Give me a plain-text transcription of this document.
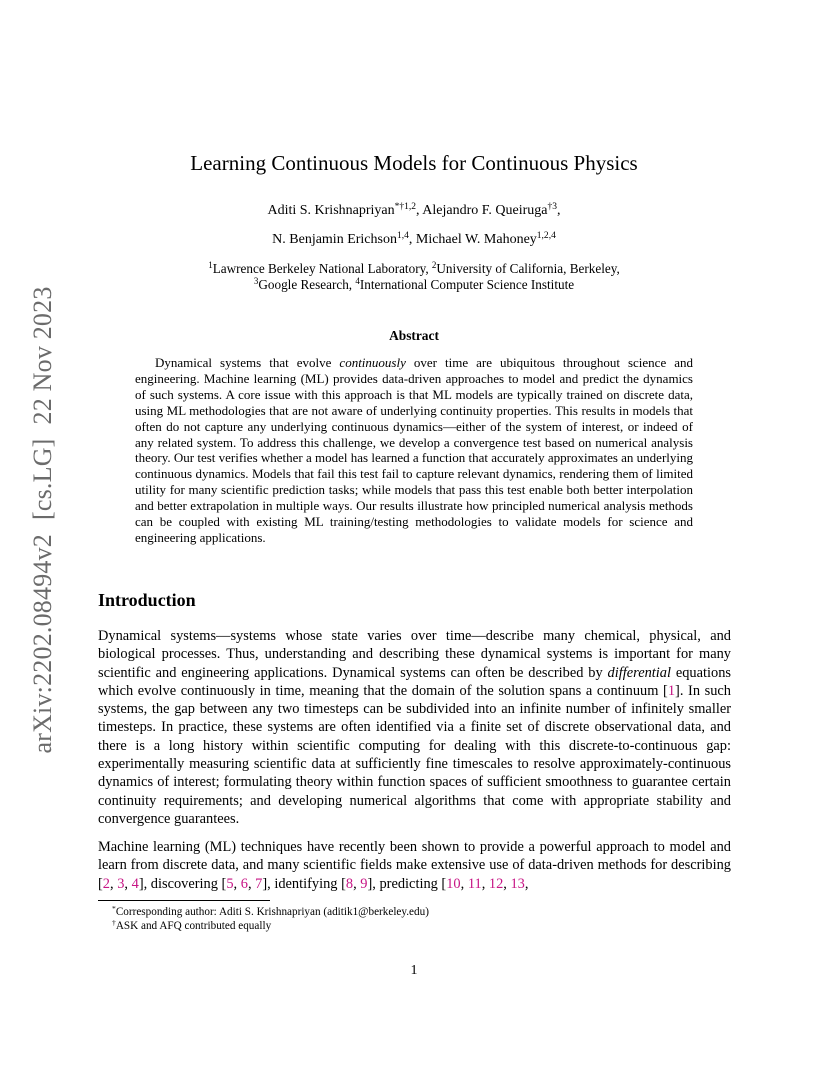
arXiv:2202.08494v2[cs.LG]22 Nov 2023
Learning Continuous Models for Continuous Physics
Aditi S. Krishnapriyan$^{*\dagger 1,2}$, Alejandro F. Queiruga$^{\dagger 3}$,
N. Benjamin Erichson$^{1,4}$, Michael W. Mahoney$^{1,2,4}$
$^1$Lawrence Berkeley National Laboratory, $^2$University of California, Berkeley,
$^3$Google Research, $^4$International Computer Science Institute
Abstract

Dynamical systems that evolve continuously over time are ubiquitous throughout science and engineering. Machine learning (ML) provides data-driven approaches to model and predict the dynamics of such systems. A core issue with this approach is that ML models are typically trained on discrete data, using ML methodologies that are not aware of underlying continuity properties. This results in models that often do not capture any underlying continuous dynamics—either of the system of interest, or indeed of any related system. To address this challenge, we develop a convergence test based on numerical analysis theory. Our test verifies whether a model has learned a function that accurately approximates an underlying continuous dynamics. Models that fail this test fail to capture relevant dynamics, rendering them of limited utility for many scientific prediction tasks; while models that pass this test enable both better interpolation and better extrapolation in multiple ways. Our results illustrate how principled numerical analysis methods can be coupled with existing ML training/testing methodologies to validate models for science and engineering applications.

Introduction

Dynamical systems—systems whose state varies over time—describe many chemical, physical, and biological processes. Thus, understanding and describing these dynamical systems is important for many scientific and engineering applications. Dynamical systems can often be described by differential equations which evolve continuously in time, meaning that the domain of the solution spans a continuum [1]. In such systems, the gap between any two timesteps can be subdivided into an infinite number of infinitely smaller timesteps. In practice, these systems are often identified via a finite set of discrete observational data, and there is a long history within scientific computing for dealing with this discrete-to-continuous gap: experimentally measuring scientific data at sufficiently fine timescales to resolve approximately-continuous dynamics of interest; formulating theory within function spaces of sufficient smoothness to guarantee certain continuity requirements; and developing numerical algorithms that come with appropriate stability and convergence guarantees.

Machine learning (ML) techniques have recently been shown to provide a powerful approach to model and learn from discrete data, and many scientific fields make extensive use of data-driven methods for describing [2, 3, 4], discovering [5, 6, 7], identifying [8, 9], predicting [10, 11, 12, 13,

*Corresponding author: Aditi S. Krishnapriyan (aditik1@berkeley.edu)
†ASK and AFQ contributed equally
1
